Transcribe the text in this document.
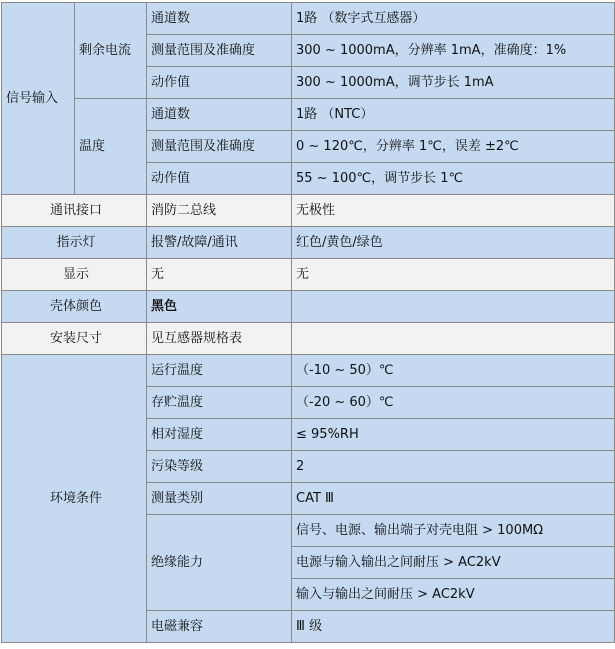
信号输入	剩余电流	通道数	1路 （数字式互感器）
		测量范围及准确度	300 ~ 1000mA，分辨率 1mA，准确度：1%
		动作值	300 ~ 1000mA，调节步长 1mA
	温度	通道数	1路 （NTC）
		测量范围及准确度	0 ~ 120℃，分辨率 1℃，误差 ±2℃
		动作值	55 ~ 100℃，调节步长 1℃
通讯接口		消防二总线	无极性
指示灯		报警/故障/通讯	红色/黄色/绿色
显示		无	无
壳体颜色		黑色	
安装尺寸		见互感器规格表	
环境条件		运行温度	（-10 ~ 50）℃
		存贮温度	（-20 ~ 60）℃
		相对湿度	≤ 95%RH
		污染等级	2
		测量类别	CAT Ⅲ
		绝缘能力	信号、电源、输出端子对壳电阻 > 100MΩ
			电源与输入输出之间耐压 > AC2kV
			输入与输出之间耐压 > AC2kV
		电磁兼容	Ⅲ 级
